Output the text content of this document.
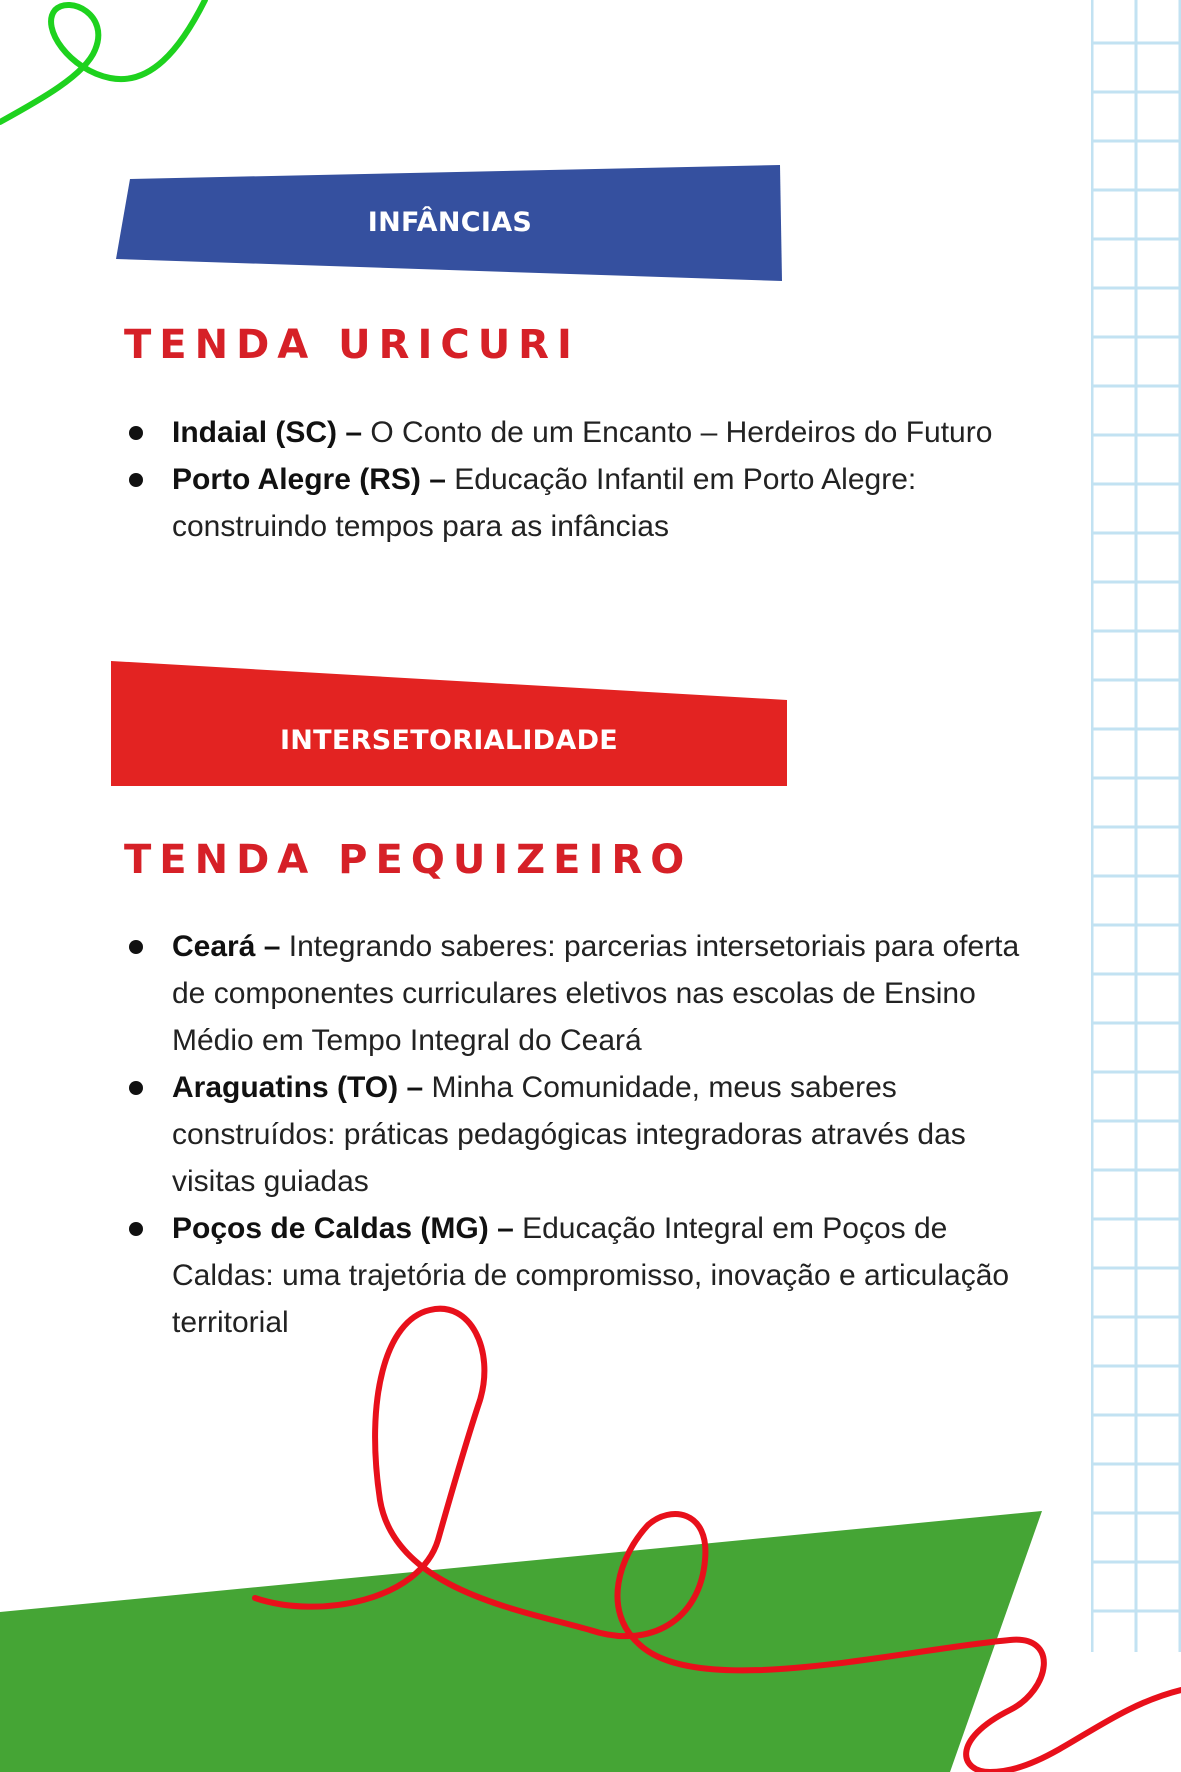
INFÂNCIAS
TENDA URICURI
Indaial (SC) – O Conto de um Encanto – Herdeiros do Futuro
Porto Alegre (RS) – Educação Infantil em Porto Alegre: construindo tempos para as infâncias
INTERSETORIALIDADE
TENDA PEQUIZEIRO
Ceará – Integrando saberes: parcerias intersetoriais para oferta de componentes curriculares eletivos nas escolas de Ensino Médio em Tempo Integral do Ceará
Araguatins (TO) – Minha Comunidade, meus saberes construídos: práticas pedagógicas integradoras através das visitas guiadas
Poços de Caldas (MG) – Educação Integral em Poços de Caldas: uma trajetória de compromisso, inovação e articulação territorial
